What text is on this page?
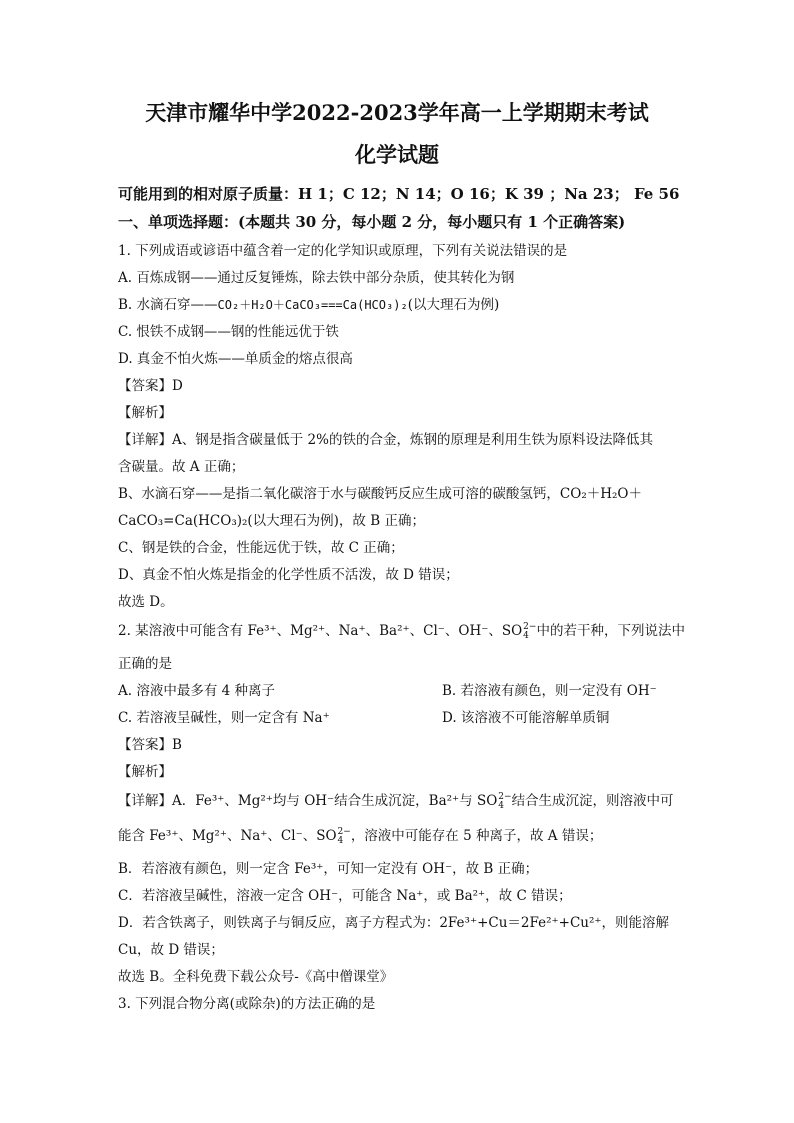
天津市耀华中学2022-2023学年高一上学期期末考试
化学试题
可能用到的相对原子质量：H 1；C 12；N 14；O 16；K 39 ；Na 23； Fe 56
一、单项选择题：(本题共 30 分，每小题 2 分，每小题只有 1 个正确答案)
1. 下列成语或谚语中蕴含着一定的化学知识或原理，下列有关说法错误的是
A. 百炼成钢——通过反复锤炼，除去铁中部分杂质，使其转化为钢
B. 水滴石穿——CO₂＋H₂O＋CaCO₃===Ca(HCO₃)₂(以大理石为例)
C. 恨铁不成钢——钢的性能远优于铁
D. 真金不怕火炼——单质金的熔点很高
【答案】D
【解析】
【详解】A、钢是指含碳量低于 2%的铁的合金，炼钢的原理是利用生铁为原料设法降低其
含碳量。故 A 正确；
B、水滴石穿——是指二氧化碳溶于水与碳酸钙反应生成可溶的碳酸氢钙，CO₂＋H₂O＋
CaCO₃=Ca(HCO₃)₂(以大理石为例)，故 B 正确；
C、钢是铁的合金，性能远优于铁，故 C 正确；
D、真金不怕火炼是指金的化学性质不活泼，故 D 错误；
故选 D。
2. 某溶液中可能含有 Fe³⁺、Mg²⁺、Na⁺、Ba²⁺、Cl⁻、OH⁻、SO 2−
4 中的若干种，下列说法中
正确的是
A. 溶液中最多有 4 种离子	B. 若溶液有颜色，则一定没有 OH⁻
C. 若溶液呈碱性，则一定含有 Na⁺	D. 该溶液不可能溶解单质铜
【答案】B
【解析】
【详解】A．Fe³⁺、Mg²⁺均与 OH⁻结合生成沉淀，Ba²⁺与 SO 2−
4 结合生成沉淀，则溶液中可
能含 Fe³⁺、Mg²⁺、Na⁺、Cl⁻、SO 2−
4 ，溶液中可能存在 5 种离子，故 A 错误；
B．若溶液有颜色，则一定含 Fe³⁺，可知一定没有 OH⁻，故 B 正确；
C．若溶液呈碱性，溶液一定含 OH⁻，可能含 Na⁺，或 Ba²⁺，故 C 错误；
D．若含铁离子，则铁离子与铜反应，离子方程式为：2Fe³⁺+Cu＝2Fe²⁺+Cu²⁺，则能溶解
Cu，故 D 错误；
故选 B。全科免费下载公众号-《高中僧课堂》
3. 下列混合物分离(或除杂)的方法正确的是
